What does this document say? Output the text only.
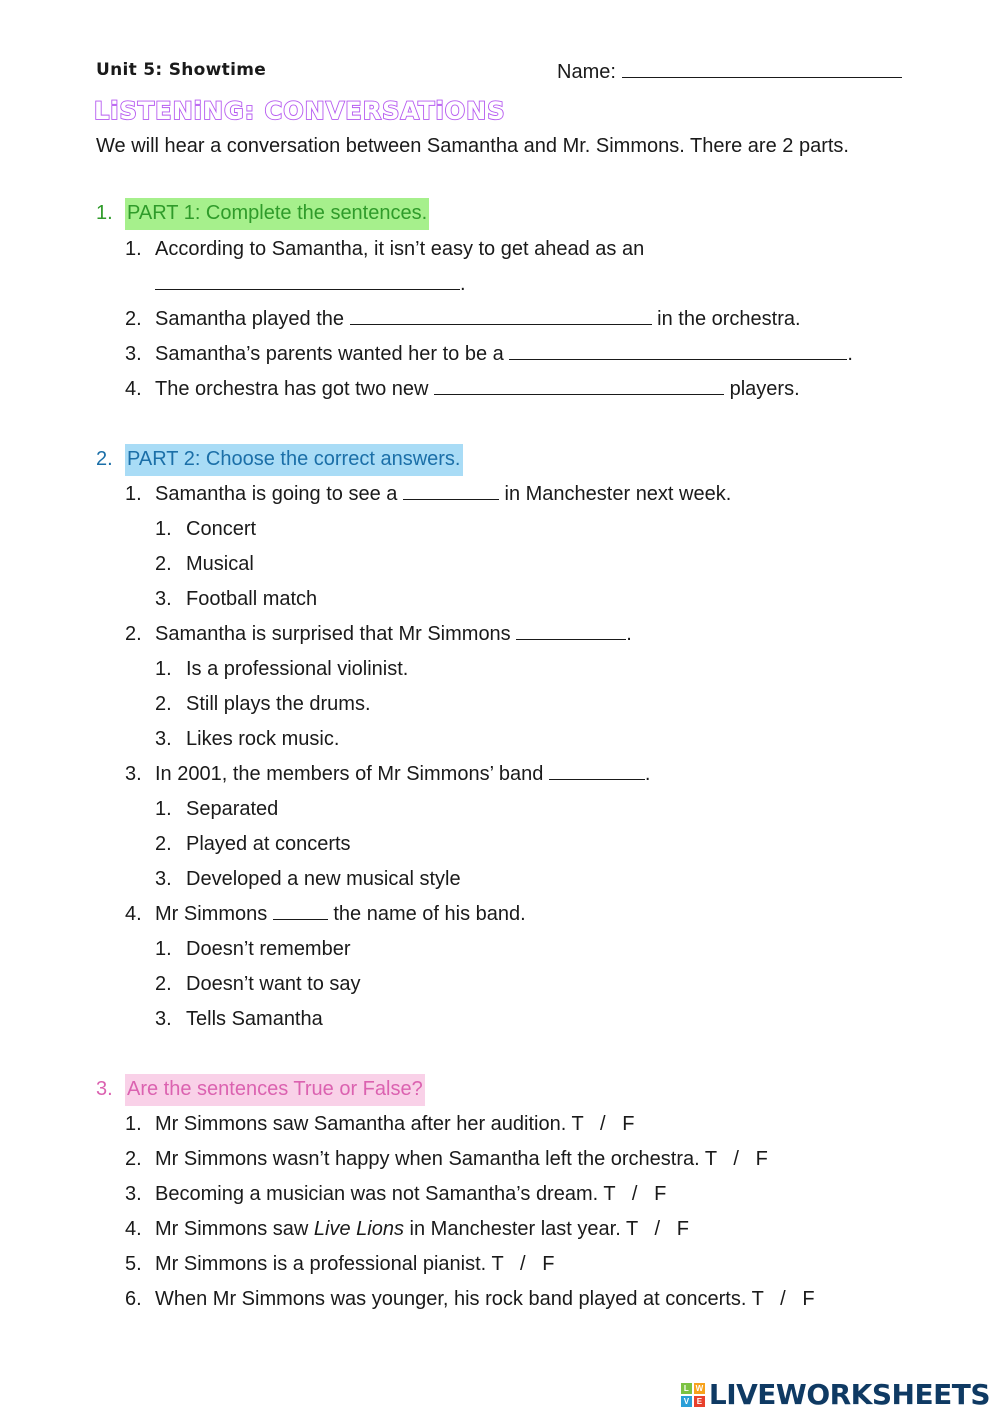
Unit 5: Showtime	Name:
LiSTENiNG: CONVERSATiONS
We will hear a conversation between Samantha and Mr. Simmons. There are 2 parts.
1. PART 1: Complete the sentences.
1. According to Samantha, it isn’t easy to get ahead as an
.
2. Samantha played the	in the orchestra.
3. Samantha’s parents wanted her to be a	.
4. The orchestra has got two new	players.
2. PART 2: Choose the correct answers.
1. Samantha is going to see a	in Manchester next week.
1. Concert
2. Musical
3. Football match
2. Samantha is surprised that Mr Simmons	.
1. Is a professional violinist.
2. Still plays the drums.
3. Likes rock music.
3. In 2001, the members of Mr Simmons’ band	.
1. Separated
2. Played at concerts
3. Developed a new musical style
4. Mr Simmons	the name of his band.
1. Doesn’t remember
2. Doesn’t want to say
3. Tells Samantha
3. Are the sentences True or False?
1. Mr Simmons saw Samantha after her audition. T   /   F
2. Mr Simmons wasn’t happy when Samantha left the orchestra. T   /   F
3. Becoming a musician was not Samantha’s dream. T   /   F
4. Mr Simmons saw Live Lions in Manchester last year. T   /   F
5. Mr Simmons is a professional pianist. T   /   F
6. When Mr Simmons was younger, his rock band played at concerts. T   /   F
L W
V E LIVEWORKSHEETS
